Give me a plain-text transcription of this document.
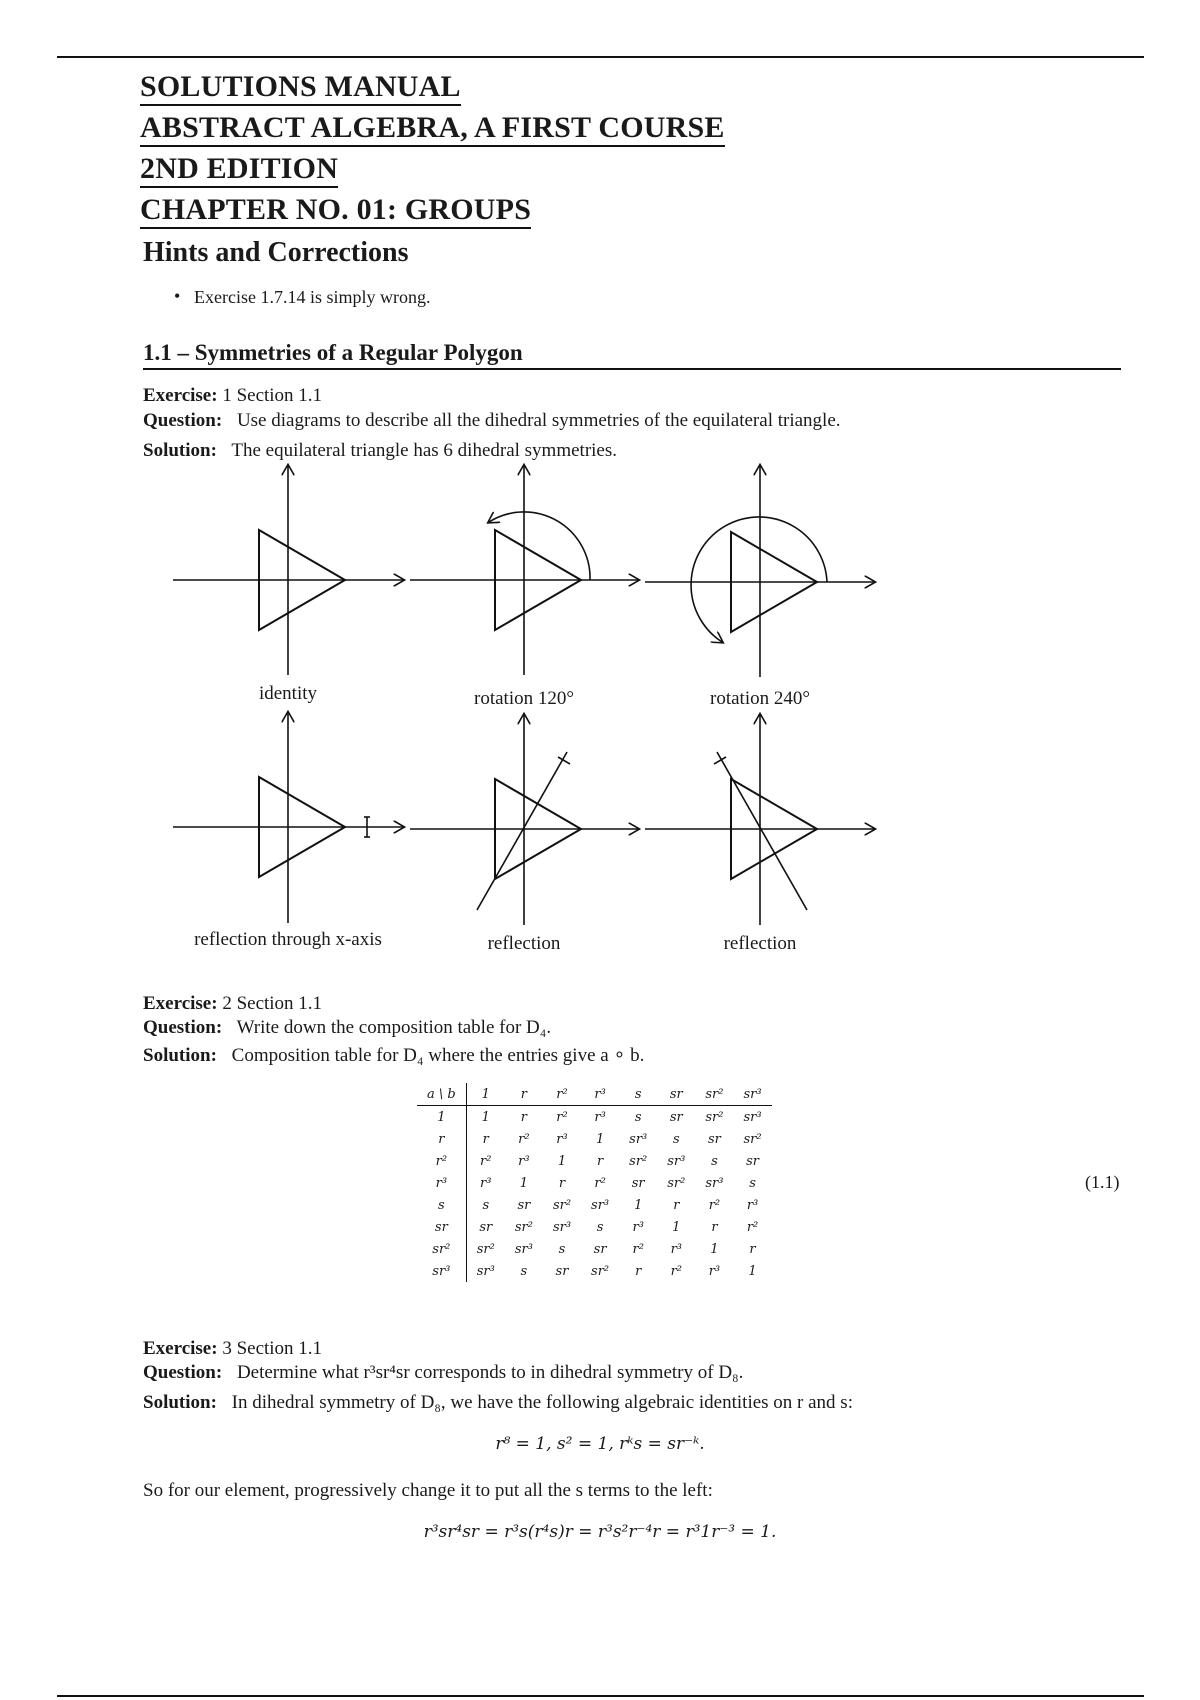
SOLUTIONS MANUAL
ABSTRACT ALGEBRA, A FIRST COURSE
2ND EDITION
CHAPTER NO. 01: GROUPS
Hints and Corrections
• Exercise 1.7.14 is simply wrong.
1.1 – Symmetries of a Regular Polygon
Exercise: 1 Section 1.1
Question: Use diagrams to describe all the dihedral symmetries of the equilateral triangle.
Solution: The equilateral triangle has 6 dihedral symmetries.
identity	rotation 120°	rotation 240°
reflection through x-axis	reflection	reflection
Exercise: 2 Section 1.1
Question: Write down the composition table for D₄.
Solution: Composition table for D₄ where the entries give a ∘ b.
a \ b	1	r	r²	r³	s	sr	sr²	sr³
1	1	r	r²	r³	s	sr	sr²	sr³
r	r	r²	r³	1	sr³	s	sr	sr²
r²	r²	r³	1	r	sr²	sr³	s	sr
r³	r³	1	r	r²	sr	sr²	sr³	s
s	s	sr	sr²	sr³	1	r	r²	r³
sr	sr	sr²	sr³	s	r³	1	r	r²
sr²	sr²	sr³	s	sr	r²	r³	1	r
sr³	sr³	s	sr	sr²	r	r²	r³	1
(1.1)
Exercise: 3 Section 1.1
Question: Determine what r³sr⁴sr corresponds to in dihedral symmetry of D₈.
Solution: In dihedral symmetry of D₈, we have the following algebraic identities on r and s:
r⁸ = 1, s² = 1, rᵏs = sr⁻ᵏ.
So for our element, progressively change it to put all the s terms to the left:
r³sr⁴sr = r³s(r⁴s)r = r³s²r⁻⁴r = r³1r⁻³ = 1.
